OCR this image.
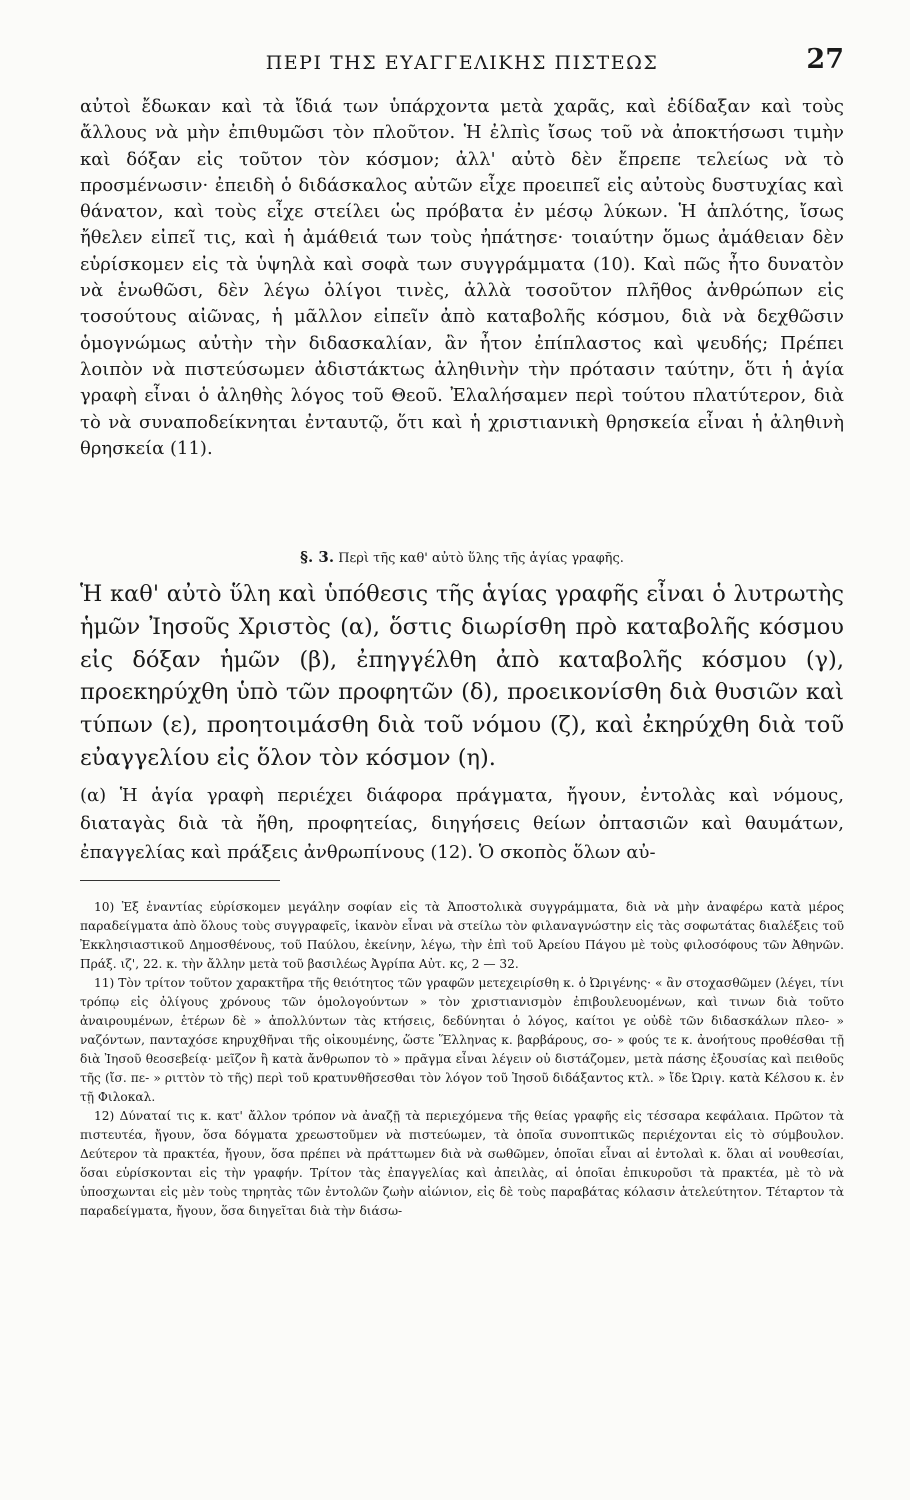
ΠΕΡΙ ΤΗΣ ΕΥΑΓΓΕΛΙΚΗΣ ΠΙΣΤΕΩΣ	27
αὐτοὶ ἔδωκαν καὶ τὰ ἴδιά των ὑπάρχοντα μετὰ χαρᾶς, καὶ ἐδίδαξαν καὶ τοὺς ἄλλους νὰ μὴν ἐπιθυμῶσι τὸν πλοῦτον. Ἡ ἐλπὶς ἴσως τοῦ νὰ ἀποκτήσωσι τιμὴν καὶ δόξαν εἰς τοῦτον τὸν κόσμον; ἀλλ' αὐτὸ δὲν ἔπρεπε τελείως νὰ τὸ προσμένωσιν· ἐπειδὴ ὁ διδάσκαλος αὐτῶν εἶχε προειπεῖ εἰς αὐτοὺς δυστυχίας καὶ θάνατον, καὶ τοὺς εἶχε στείλει ὡς πρόβατα ἐν μέσῳ λύκων. Ἡ ἁπλότης, ἴσως ἤθελεν εἰπεῖ τις, καὶ ἡ ἀμάθειά των τοὺς ἠπάτησε· τοιαύτην ὅμως ἀμάθειαν δὲν εὑρίσκομεν εἰς τὰ ὑψηλὰ καὶ σοφὰ των συγγράμματα (10). Καὶ πῶς ἦτο δυνατὸν νὰ ἑνωθῶσι, δὲν λέγω ὀλίγοι τινὲς, ἀλλὰ τοσοῦτον πλῆθος ἀνθρώπων εἰς τοσούτους αἰῶνας, ἡ μᾶλλον εἰπεῖν ἀπὸ καταβολῆς κόσμου, διὰ νὰ δεχθῶσιν ὁμογνώμως αὐτὴν τὴν διδασκαλίαν, ἂν ἦτον ἐπίπλαστος καὶ ψευδής; Πρέπει λοιπὸν νὰ πιστεύσωμεν ἀδιστάκτως ἀληθινὴν τὴν πρότασιν ταύτην, ὅτι ἡ ἁγία γραφὴ εἶναι ὁ ἀληθὴς λόγος τοῦ Θεοῦ. Ἐλαλήσαμεν περὶ τούτου πλατύτερον, διὰ τὸ νὰ συναποδείκνηται ἐνταυτῷ, ὅτι καὶ ἡ χριστιανικὴ θρησκεία εἶναι ἡ ἀληθινὴ θρησκεία (11).
§. 3. Περὶ τῆς καθ' αὐτὸ ὕλης τῆς ἁγίας γραφῆς.
Ἡ καθ' αὐτὸ ὕλη καὶ ὑπόθεσις τῆς ἁγίας γραφῆς εἶναι ὁ λυτρωτὴς ἡμῶν Ἰησοῦς Χριστὸς (α), ὅστις διωρίσθη πρὸ καταβολῆς κόσμου εἰς δόξαν ἡμῶν (β), ἐπηγγέλθη ἀπὸ καταβολῆς κόσμου (γ), προεκηρύχθη ὑπὸ τῶν προφητῶν (δ), προεικονίσθη διὰ θυσιῶν καὶ τύπων (ε), προητοιμάσθη διὰ τοῦ νόμου (ζ), καὶ ἐκηρύχθη διὰ τοῦ εὐαγγελίου εἰς ὅλον τὸν κόσμον (η).
(α) Ἡ ἁγία γραφὴ περιέχει διάφορα πράγματα, ἤγουν, ἐντολὰς καὶ νόμους, διαταγὰς διὰ τὰ ἤθη, προφητείας, διηγήσεις θείων ὀπτασιῶν καὶ θαυμάτων, ἐπαγγελίας καὶ πράξεις ἀνθρωπίνους (12). Ὁ σκοπὸς ὅλων αὐ-

10) Ἐξ ἐναντίας εὑρίσκομεν μεγάλην σοφίαν εἰς τὰ Ἀποστολικὰ συγγράμματα, διὰ νὰ μὴν ἀναφέρω κατὰ μέρος παραδείγματα ἀπὸ ὅλους τοὺς συγγραφεῖς, ἱκανὸν εἶναι νὰ στείλω τὸν φιλαναγνώστην εἰς τὰς σοφωτάτας διαλέξεις τοῦ Ἐκκλησιαστικοῦ Δημοσθένους, τοῦ Παύλου, ἐκείνην, λέγω, τὴν ἐπὶ τοῦ Ἀρείου Πάγου μὲ τοὺς φιλοσόφους τῶν Ἀθηνῶν. Πράξ. ιζ', 22. κ. τὴν ἄλλην μετὰ τοῦ βασιλέως Ἀγρίπα Αὐτ. κς, 2 — 32.

11) Τὸν τρίτον τοῦτον χαρακτῆρα τῆς θειότητος τῶν γραφῶν μετεχειρίσθη κ. ὁ Ὠριγένης· « ἂν στοχασθῶμεν (λέγει, τίνι τρόπῳ εἰς ὀλίγους χρόνους τῶν ὁμολογούντων » τὸν χριστιανισμὸν ἐπιβουλευομένων, καὶ τινων διὰ τοῦτο ἀναιρουμένων, ἑτέρων δὲ » ἀπολλύντων τὰς κτήσεις, δεδύνηται ὁ λόγος, καίτοι γε οὐδὲ τῶν διδασκάλων πλεο- » ναζόντων, πανταχόσε κηρυχθῆναι τῆς οἰκουμένης, ὥστε Ἕλληνας κ. βαρβάρους, σο- » φούς τε κ. ἀνοήτους προθέσθαι τῇ διὰ Ἰησοῦ θεοσεβείᾳ· μεῖζον ἢ κατὰ ἄνθρωπον τὸ » πρᾶγμα εἶναι λέγειν οὐ διστάζομεν, μετὰ πάσης ἐξουσίας καὶ πειθοῦς τῆς (ἴσ. πε- » ριττὸν τὸ τῆς) περὶ τοῦ κρατυνθῆσεσθαι τὸν λόγον τοῦ Ἰησοῦ διδάξαντος κτλ. » ἴδε Ὠριγ. κατὰ Κέλσου κ. ἐν τῇ Φιλοκαλ.

12) Δύναταί τις κ. κατ' ἄλλον τρόπον νὰ ἀναζῇ τὰ περιεχόμενα τῆς θείας γραφῆς εἰς τέσσαρα κεφάλαια. Πρῶτον τὰ πιστευτέα, ἤγουν, ὅσα δόγματα χρεωστοῦμεν νὰ πιστεύωμεν, τὰ ὁποῖα συνοπτικῶς περιέχονται εἰς τὸ σύμβουλον. Δεύτερον τὰ πρακτέα, ἤγουν, ὅσα πρέπει νὰ πράττωμεν διὰ νὰ σωθῶμεν, ὁποῖαι εἶναι αἱ ἐντολαὶ κ. ὅλαι αἱ νουθεσίαι, ὅσαι εὑρίσκονται εἰς τὴν γραφήν. Τρίτον τὰς ἐπαγγελίας καὶ ἀπειλὰς, αἱ ὁποῖαι ἐπικυροῦσι τὰ πρακτέα, μὲ τὸ νὰ ὑποσχωνται εἰς μὲν τοὺς τηρητὰς τῶν ἐντολῶν ζωὴν αἰώνιον, εἰς δὲ τοὺς παραβάτας κόλασιν ἀτελεύτητον. Τέταρτον τὰ παραδείγματα, ἤγουν, ὅσα διηγεῖται διὰ τὴν διάσω-
